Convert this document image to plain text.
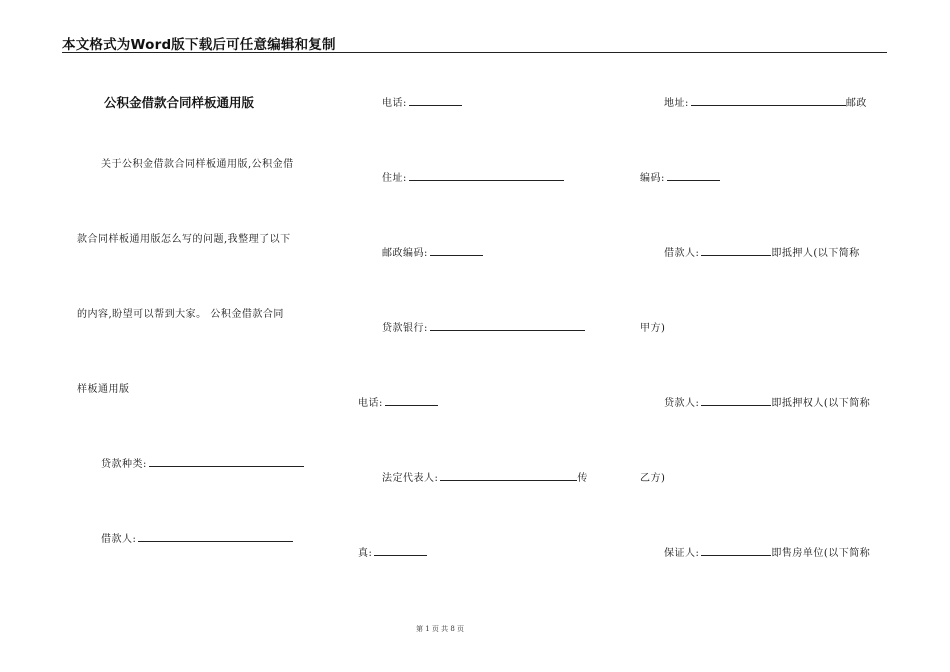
本文格式为Word版下载后可任意编辑和复制
公积金借款合同样板通用版
关于公积金借款合同样板通用版,公积金借
款合同样板通用版怎么写的问题,我整理了以下
的内容,盼望可以帮到大家。 公积金借款合同
样板通用版
贷款种类:
借款人:
电话:
住址:
邮政编码:
贷款银行:
电话:
法定代表人:	传
真:
地址:	邮政
编码:
借款人:	即抵押人(以下简称
甲方)
贷款人:	即抵押权人(以下简称
乙方)
保证人:	即售房单位(以下简称
第 1 页 共 8 页
